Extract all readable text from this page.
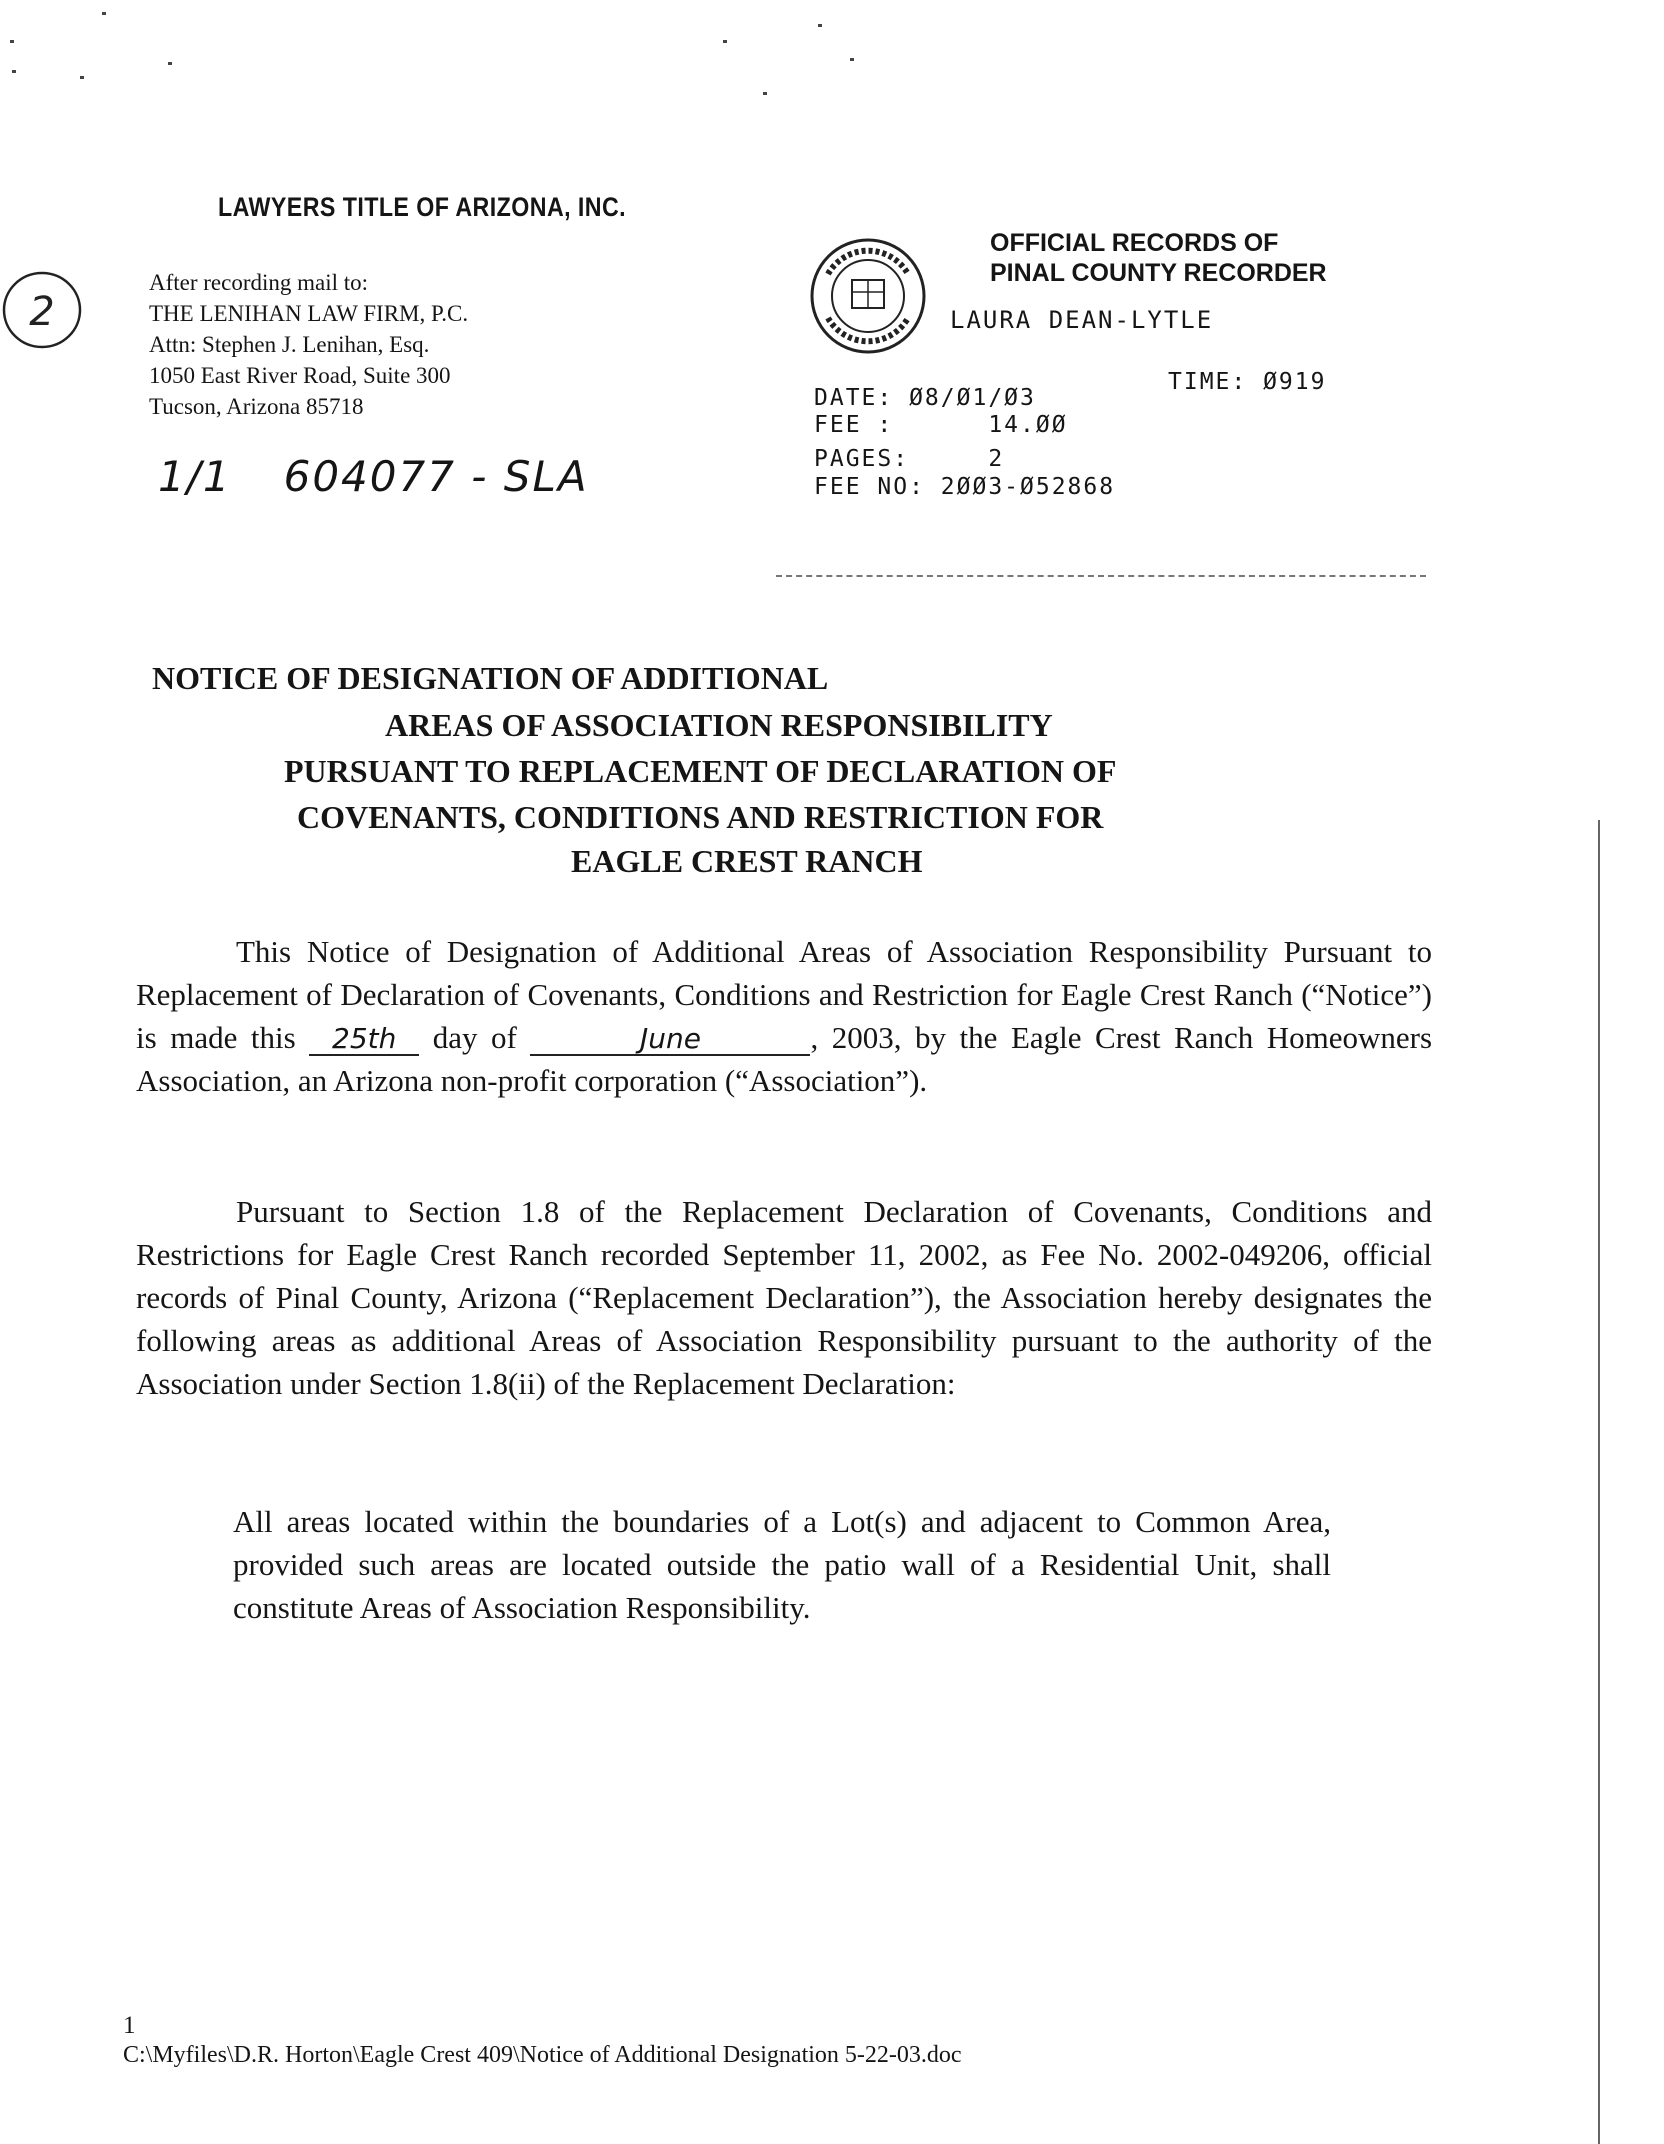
LAWYERS TITLE OF ARIZONA, INC.
2
After recording mail to:
THE LENIHAN LAW FIRM, P.C.
Attn: Stephen J. Lenihan, Esq.
1050 East River Road, Suite 300
Tucson, Arizona 85718
1/1 604077 - SLA
OFFICIAL RECORDS OF
PINAL COUNTY RECORDER
LAURA DEAN-LYTLE
DATE: Ø8/Ø1/Ø3
TIME: Ø919
FEE :      14.ØØ
PAGES:     2
FEE NO: 2ØØ3-Ø52868
NOTICE OF DESIGNATION OF ADDITIONAL
AREAS OF ASSOCIATION RESPONSIBILITY
PURSUANT TO REPLACEMENT OF DECLARATION OF
COVENANTS, CONDITIONS AND RESTRICTION FOR
EAGLE CREST RANCH
This Notice of Designation of Additional Areas of Association Responsibility Pursuant to Replacement of Declaration of Covenants, Conditions and Restriction for Eagle Crest Ranch (“Notice”) is made this 25th day of	June	, 2003, by the Eagle Crest Ranch Homeowners Association, an Arizona non-profit corporation (“Association”).
Pursuant to Section 1.8 of the Replacement Declaration of Covenants, Conditions and Restrictions for Eagle Crest Ranch recorded September 11, 2002, as Fee No. 2002-049206, official records of Pinal County, Arizona (“Replacement Declaration”), the Association hereby designates the following areas as additional Areas of Association Responsibility pursuant to the authority of the Association under Section 1.8(ii) of the Replacement Declaration:
All areas located within the boundaries of a Lot(s) and adjacent to Common Area, provided such areas are located outside the patio wall of a Residential Unit, shall constitute Areas of Association Responsibility.
1
C:\Myfiles\D.R. Horton\Eagle Crest 409\Notice of Additional Designation 5-22-03.doc
